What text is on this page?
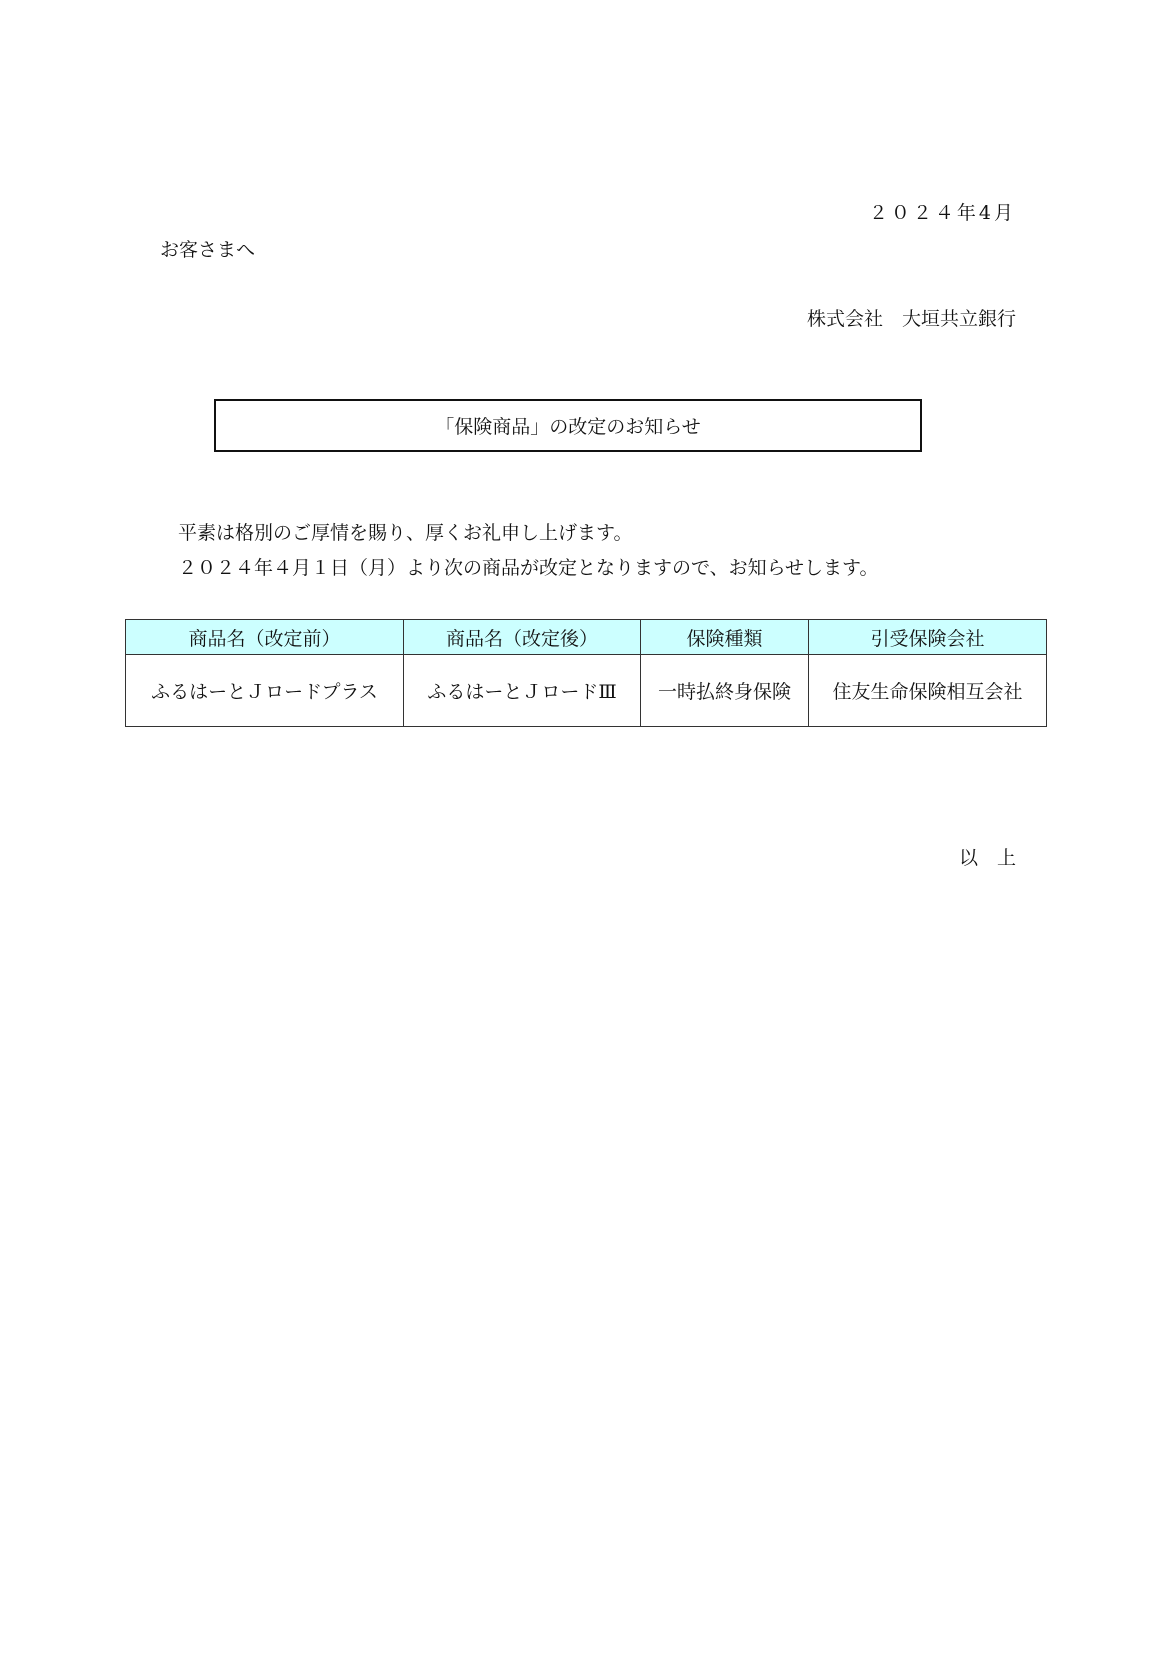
２０２４年4月
お客さまへ
株式会社　大垣共立銀行
「保険商品」の改定のお知らせ
平素は格別のご厚情を賜り、厚くお礼申し上げます。
２０２４年４月１日（月）より次の商品が改定となりますので、お知らせします。
商品名（改定前）	商品名（改定後）	保険種類	引受保険会社
ふるはーとＪロードプラス	ふるはーとＪロードⅢ	一時払終身保険	住友生命保険相互会社
以　上
